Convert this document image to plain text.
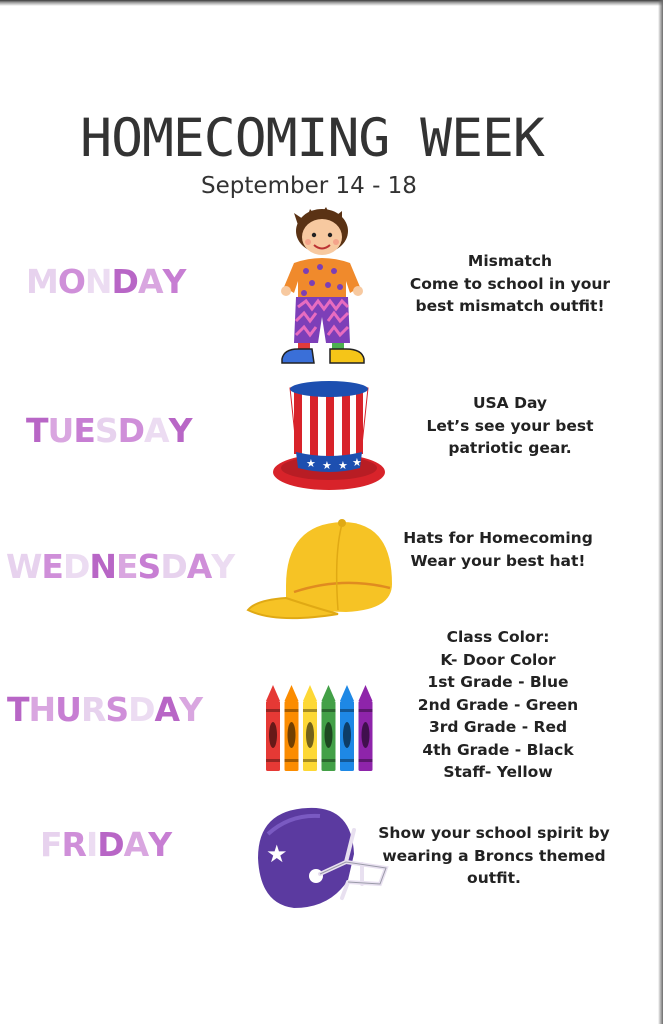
HOMECOMING WEEK
September 14 - 18
MONDAY
TUESDAY
WEDNESDAY
THURSDAY
FRIDAY
★ ★ ★ ★
★
Mismatch
Come to school in your
best mismatch outfit!
USA Day
Let’s see your best
patriotic gear.
Hats for Homecoming
Wear your best hat!
Class Color:
K- Door Color
1st Grade - Blue
2nd Grade - Green
3rd Grade - Red
4th Grade - Black
Staff- Yellow
Show your school spirit by
wearing a Broncs themed
outfit.
